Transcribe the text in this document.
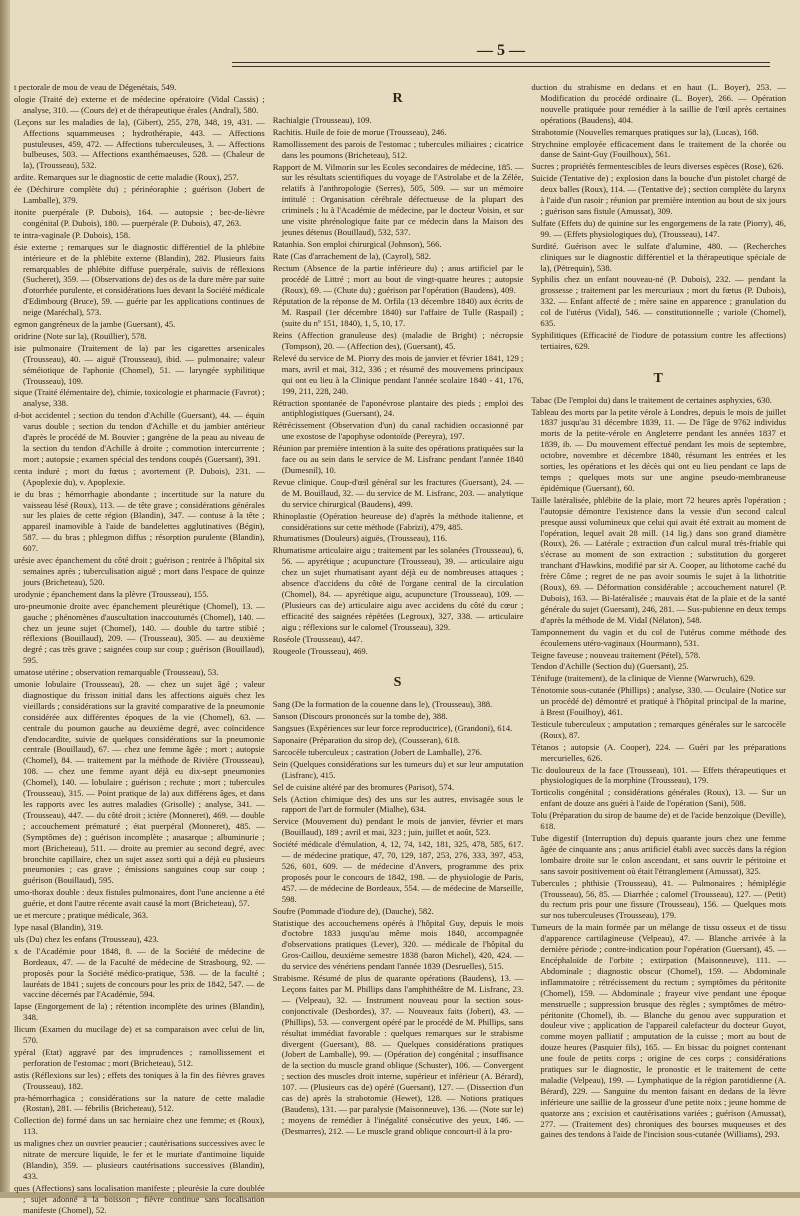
— 5 —

t pectorale de mou de veau de Dégenétais, 549.

ologie (Traité de) externe et de médecine opératoire (Vidal Cassis) ; analyse, 310. — (Cours de) et de thérapeutique érales (Andral), 580.

(Leçons sur les maladies de la), (Gibert), 255, 278, 348, 19, 431. — Affections squammeuses ; hydrothérapie, 443. — Affections pustuleuses, 459, 472. — Affections tuberculeuses, 3. — Affections bulbeuses, 503. — Affections exanthémaeuses, 528. — (Chaleur de la), (Trousseau), 532.

ardite. Remarques sur le diagnostic de cette maladie (Roux), 257.

ée (Déchirure complète du) ; périnéoraphie ; guérison (Jobert de Lamballe), 379.

itonite puerpérale (P. Dubois), 164. — autopsie ; bec-de-lièvre congénital (P. Dubois), 180. — puerpérale (P. Dubois), 47, 263.

te intra-vaginale (P. Dubois), 158.

ésie externe ; remarques sur le diagnostic différentiel de la phlébite intérieure et de la phlébite externe (Blandin), 282. Plusieurs faits remarquables de phlébite diffuse puerpérale, suivis de réflexions (Sucheret), 359. — (Observations de) des os de la dure mère par suite d'otorrhée purulente, et considérations lues devant la Société médicale d'Edimbourg (Bruce), 59. — guérie par les applications continues de neige (Maréchal), 573.

egmon gangréneux de la jambe (Guersant), 45.

oridrine (Note sur la), (Rouillier), 578.

isie pulmonaire (Traitement de la) par les cigarettes arsenicales (Trousseau), 40. — aiguë (Trousseau), ibid. — pulmonaire; valeur séméiotique de l'aphonie (Chomel), 51. — laryngée syphilitique (Trousseau), 109.

sique (Traité élémentaire de), chimie, toxicologie et pharmacie (Favrot) ; analyse, 338.

d-bot accidentel ; section du tendon d'Achille (Guersant), 44. — équin varus double ; section du tendon d'Achille et du jambier antérieur d'après le procédé de M. Bouvier ; gangrène de la peau au niveau de la section du tendon d'Achille à droite ; commotion intercurrente ; mort ; autopsie ; examen spécial des tendons coupés (Guersant), 391.

centa induré ; mort du fœtus ; avortement (P. Dubois), 231. — (Apoplexie du), v. Apoplexie.

ie du bras ; hémorrhagie abondante ; incertitude sur la nature du vaisseau lésé (Roux), 113. — de tête grave ; considérations générales sur les plaies de cette région (Blandin), 347. — contuse à la tête ; appareil inamovible à l'aide de bandelettes agglutinatives (Bégin), 587. — du bras ; phlegmon diffus ; résorption purulente (Blandin), 607.

urésie avec épanchement du côté droit ; guérison ; rentrée à l'hôpital six semaines après ; tuberculisation aiguë ; mort dans l'espace de quinze jours (Bricheteau), 520.

urodynie ; épanchement dans la plèvre (Trousseau), 155.

uro-pneumonie droite avec épanchement pleurétique (Chomel), 13. — gauche ; phénomènes d'auscultation inaccoutumés (Chomel), 140. — chez un jeune sujet (Chomel), 140. — double du tartre stibié ; réflexions (Bouillaud), 209. — (Trousseau), 305. — au deuxième degré ; cas très grave ; saignées coup sur coup ; guérison (Bouillaud), 595.

umatose utérine ; observation remarquable (Trousseau), 53.

umonie lobulaire (Trousseau), 28. — chez un sujet âgé ; valeur diagnostique du frisson initial dans les affections aiguës chez les vieillards ; considérations sur la gravité comparative de la pneumonie considérée aux différentes époques de la vie (Chomel), 63. — centrale du poumon gauche au deuxième degré, avec coïncidence d'endocardite, suivie de quelques considérations sur la pneumonie centrale (Bouillaud), 67. — chez une femme âgée ; mort ; autopsie (Chomel), 84. — traitement par la méthode de Rivière (Trousseau), 108. — chez une femme ayant déjà eu dix-sept pneumonies (Chomel), 140. — lobulaire ; guérison ; rechute ; mort ; tubercules (Trousseau), 315. — Point pratique de la) aux différens âges, et dans les rapports avec les autres maladies (Grisolle) ; analyse, 341. — (Trousseau), 447. — du côté droit ; ictère (Monneret), 469. — double ; accouchement prématuré ; état puerpéral (Monneret), 485. — (Symptômes de) ; guérison incomplète ; anasarque ; albuminurie ; mort (Bricheteau), 511. — droite au premier au second degré, avec bronchite capillaire, chez un sujet assez sorti qui a déjà eu plusieurs pneumonies ; cas grave ; émissions sanguines coup sur coup ; guérison (Bouillaud), 595.

umo-thorax double : deux fistules pulmonaires, dont l'une ancienne a été guérie, et dont l'autre récente avait causé la mort (Bricheteau), 57.

ue et mercure ; pratique médicale, 363.

lype nasal (Blandin), 319.

uls (Du) chez les enfans (Trousseau), 423.

x de l'Académie pour 1848, 8. — de la Société de médecine de Bordeaux, 47. — de la Faculté de médecine de Strasbourg, 92. — proposés pour la Société médico-pratique, 538. — de la faculté ; lauréats de 1841 ; sujets de concours pour les prix de 1842, 547. — de vaccine décernés par l'Académie, 594.

lapse (Engorgement de la) ; rétention incomplète des urines (Blandin), 348.

llicum (Examen du mucilage de) et sa comparaison avec celui de lin, 570.

ypéral (Etat) aggravé par des imprudences ; ramollissement et perforation de l'estomac ; mort (Bricheteau), 512.

astis (Réflexions sur les) ; effets des toniques à la fin des fièvres graves (Trousseau), 182.

pra-hémorrhagica ; considérations sur la nature de cette maladie (Rostan), 281. — fébrilis (Bricheteau), 512.

Collection de) formé dans un sac herniaire chez une femme; et (Roux), 113.

us malignes chez un ouvrier peaucier ; cautérisations successives avec le nitrate de mercure liquide, le fer et le muriate d'antimoine liquide (Blandin), 359. — plusieurs cautérisations successives (Blandin), 433.

ques (Affections) sans localisation manifeste ; pleurésie la cure doublée ; sujet adonné à la boisson ; fièvre continue sans localisation manifeste (Chomel), 52.

R

Rachialgie (Trousseau), 109.

Rachitis. Huile de foie de morue (Trousseau), 246.

Ramollissement des parois de l'estomac ; tubercules miliaires ; cicatrice dans les poumons (Bricheteau), 512.

Rapport de M. Vilmorin sur les Ecoles secondaires de médecine, 185. — sur les résultats scientifiques du voyage de l'Astrolabe et de la Zélée, relatifs à l'anthropologie (Serres), 505, 509. — sur un mémoire intitulé : Organisation cérébrale défectueuse de la plupart des criminels ; lu à l'Académie de médecine, par le docteur Voisin, et sur une visite phrénologique faite par ce médecin dans la Maison des jeunes détenus (Bouillaud), 532, 537.

Ratanhia. Son emploi chirurgical (Johnson), 566.

Rate (Cas d'arrachement de la), (Cayrol), 582.

Rectum (Absence de la partie inférieure du) ; anus artificiel par le procédé de Littré ; mort au bout de vingt-quatre heures ; autopsie (Roux), 69. — (Chute du) ; guérison par l'opération (Baudens), 409.

Réputation de la réponse de M. Orfila (13 décembre 1840) aux écrits de M. Raspail (1er décembre 1840) sur l'affaire de Tulle (Raspail) ; (suite du nº 151, 1840), 1, 5, 10, 17.

Reins (Affection granuleuse des) (maladie de Bright) ; nécropsie (Tompson), 20. — (Affection des), (Guersant), 45.

Relevé du service de M. Piorry des mois de janvier et février 1841, 129 ; mars, avril et mai, 312, 336 ; et résumé des mouvemens principaux qui ont eu lieu à la Clinique pendant l'année scolaire 1840 - 41, 176, 199, 211, 228, 240.

Rétraction spontanée de l'aponévrose plantaire des pieds ; emploi des antiphlogistiques (Guersant), 24.

Rétrécissement (Observation d'un) du canal rachidien occasionné par une exostose de l'apophyse odontoïde (Pereyra), 197.

Réunion par première intention à la suite des opérations pratiquées sur la face ou au sein dans le service de M. Lisfranc pendant l'année 1840 (Dumesnil), 10.

Revue clinique. Coup-d'œil général sur les fractures (Guersant), 24. — de M. Bouillaud, 32. — du service de M. Lisfranc, 203. — analytique du service chirurgical (Baudens), 499.

Rhinoplastie (Opération heureuse de) d'après la méthode italienne, et considérations sur cette méthode (Fabrizi), 479, 485.

Rhumatismes (Douleurs) aiguës, (Trousseau), 116.

Rhumatisme articulaire aigu ; traitement par les solanées (Trousseau), 6, 56. — apyrétique ; acupuncture (Trousseau), 39. — articulaire aigu chez un sujet rhumatisant ayant déjà eu de nombreuses attaques ; absence d'accidens du côté de l'organe central de la circulation (Chomel), 84. — apyrétique aigu, acupuncture (Trousseau), 109. — (Plusieurs cas de) articulaire aigu avec accidens du côté du cœur ; efficacité des saignées répétées (Legroux), 327, 338. — articulaire aigu ; réflexions sur le calomel (Trousseau), 329.

Roséole (Trousseau), 447.

Rougeole (Trousseau), 469.

S

Sang (De la formation de la couenne dans le), (Trousseau), 388.

Sanson (Discours prononcés sur la tombe de), 388.

Sangsues (Expériences sur leur force reproductrice), (Grandoni), 614.

Saponaire (Préparation du sirop de), (Cousseran), 618.

Sarcocèle tuberculeux ; castration (Jobert de Lamballe), 276.

Sein (Quelques considérations sur les tumeurs du) et sur leur amputation (Lisfranc), 415.

Sel de cuisine altéré par des bromures (Parisot), 574.

Sels (Action chimique des) des uns sur les autres, envisagée sous le rapport de l'art de formuler (Mialhe), 634.

Service (Mouvement du) pendant le mois de janvier, février et mars (Bouillaud), 189 ; avril et mai, 323 ; juin, juillet et août, 523.

Société médicale d'émulation, 4, 12, 74, 142, 181, 325, 478, 585, 617. — de médecine pratique, 47, 70, 129, 187, 253, 276, 333, 397, 453, 526, 601, 609. — de médecine d'Anvers, programme des prix proposés pour le concours de 1842, 198. — de physiologie de Paris, 457. — de médecine de Bordeaux, 554. — de médecine de Marseille, 598.

Soufre (Pommade d'iodure de), (Dauche), 582.

Statistique des accouchemens opérés à l'hôpital Guy, depuis le mois d'octobre 1833 jusqu'au même mois 1840, accompagnée d'observations pratiques (Lever), 320. — médicale de l'hôpital du Gros-Caillou, deuxième semestre 1838 (baron Michel), 420, 424. — du service des vénériens pendant l'année 1839 (Desruelles), 515.

Strabisme. Résumé de plus de quarante opérations (Baudens), 13. — Leçons faites par M. Phillips dans l'amphithéâtre de M. Lisfranc, 23. — (Velpeau), 32. — Instrument nouveau pour la section sous-conjonctivale (Desbordes), 37. — Nouveaux faits (Jobert), 43. — (Phillips), 53. — convergent opéré par le procédé de M. Phillips, sans résultat immédiat favorable : quelques remarques sur le strabisme divergent (Guersant), 88. — Quelques considérations pratiques (Jobert de Lamballe), 99. — (Opération de) congénital ; insuffisance de la section du muscle grand oblique (Schuster), 106. — Convergent ; section des muscles droit interne, supérieur et inférieur (A. Bérard), 107. — (Plusieurs cas de) opéré (Guersant), 127. — (Dissection d'un cas de) après la strabotomie (Hewet), 128. — Notions pratiques (Baudens), 131. — par paralysie (Maisonneuve), 136. — (Note sur le) ; moyens de remédier à l'inégalité consécutive des yeux, 146. — (Desmarres), 212. — Le muscle grand oblique concourt-il à la pro-

duction du strabisme en dedans et en haut (L. Boyer), 253. — Modification du procédé ordinaire (L. Boyer), 266. — Opération nouvelle pratiquée pour remédier à la saillie de l'œil après certaines opérations (Baudens), 404.

Strabotomie (Nouvelles remarques pratiques sur la), (Lucas), 168.

Strychnine employée efficacement dans le traitement de la chorée ou danse de Saint-Guy (Fouilhoux), 561.

Sucres ; propriétés fermentescibles de leurs diverses espèces (Rose), 626.

Suicide (Tentative de) ; explosion dans la bouche d'un pistolet chargé de deux balles (Roux), 114. — (Tentative de) ; section complète du larynx à l'aide d'un rasoir ; réunion par première intention au bout de six jours ; guérison sans fistule (Amussat), 309.

Sulfate (Effets du) de quinine sur les engorgemens de la rate (Piorry), 46, 99. — (Effets physiologiques du), (Trousseau), 147.

Surdité. Guérison avec le sulfate d'alumine, 480. — (Recherches cliniques sur le diagnostic différentiel et la thérapeutique spéciale de la), (Pétrequin), 538.

Syphilis chez un enfant nouveau-né (P. Dubois), 232. — pendant la grossesse ; traitement par les mercuriaux ; mort du fœtus (P. Dubois), 332. — Enfant affecté de ; mère saine en apparence ; granulation du col de l'utérus (Vidal), 546. — constitutionnelle ; variole (Chomel), 635.

Syphilitiques (Efficacité de l'iodure de potassium contre les affections) tertiaires, 629.

T

Tabac (De l'emploi du) dans le traitement de certaines asphyxies, 630.

Tableau des morts par la petite vérole à Londres, depuis le mois de juillet 1837 jusqu'au 31 décembre 1839, 11. — De l'âge de 9762 individus morts de la petite-vérole en Angleterre pendant les années 1837 et 1839, ib. — Du mouvement effectué pendant les mois de septembre, octobre, novembre et décembre 1840, résumant les entrées et les sorties, les opérations et les décès qui ont eu lieu pendant ce laps de temps ; quelques mots sur une angine pseudo-membraneuse épidémique (Guersant), 60.

Taille latéralisée, phlébite de la plaie, mort 72 heures après l'opération ; l'autopsie démontre l'existence dans la vessie d'un second calcul presque aussi volumineux que celui qui avait été extrait au moment de l'opération, lequel avait 28 mill. (14 lig.) dans son grand diamètre (Roux), 26. — Latérale ; extraction d'un calcul mural très-friable qui s'écrase au moment de son extraction ; substitution du gorgeret tranchant d'Hawkins, modifié par sir A. Cooper, au lithotome caché du frère Côme ; regret de ne pas avoir soumis le sujet à la lithotritie (Roux), 69. — Déformation considérable ; accouchement naturel (P. Dubois), 163. — Bi-latéralisée ; mauvais état de la plaie et de la santé générale du sujet (Guersant), 246, 281. — Sus-pubienne en deux temps d'après la méthode de M. Vidal (Nélaton), 548.

Tamponnement du vagin et du col de l'utérus comme méthode des écoulemens utéro-vaginaux (Hourmann), 531.

Teigne faveuse ; nouveau traitement (Pétel), 578.

Tendon d'Achille (Section du) (Guersant), 25.

Ténifuge (traitement), de la clinique de Vienne (Warwruch), 629.

Ténotomie sous-cutanée (Phillips) ; analyse, 330. — Oculaire (Notice sur un procédé de) démontré et pratiqué à l'hôpital principal de la marine, à Brest (Fouilhoy), 461.

Testicule tuberculeux ; amputation ; remarques générales sur le sarcocèle (Roux), 87.

Tétanos ; autopsie (A. Cooper), 224. — Guéri par les préparations mercurielles, 626.

Tic douloureux de la face (Trousseau), 101. — Effets thérapeutiques et physiologiques de la morphine (Trousseau), 179.

Torticolis congénital ; considérations générales (Roux), 13. — Sur un enfant de douze ans guéri à l'aide de l'opération (Sani), 508.

Tolu (Préparation du sirop de baume de) et de l'acide benzoïque (Deville), 618.

Tube digestif (Interruption du) depuis quarante jours chez une femme âgée de cinquante ans ; anus artificiel établi avec succès dans la région lombaire droite sur le colon ascendant, et sans ouvrir le péritoine et sans savoir positivement où était l'étranglement (Amussat), 325.

Tubercules ; phthisie (Trousseau), 41. — Pulmonaires ; hémiplégie (Trousseau), 56, 85. — Diarrhée ; calomel (Trousseau), 127. — (Petit) du rectum pris pour une fissure (Trousseau), 156. — Quelques mots sur nos tuberculeuses (Trousseau), 179.

Tumeurs de la main formée par un mélange de tissu osseux et de tissu d'apparence cartilagineuse (Velpeau), 47. — Blanche arrivée à la dernière période ; contre-indication pour l'opération (Guersant), 45. — Encéphaloïde de l'orbite ; extirpation (Maisonneuve), 111. — Abdominale ; diagnostic obscur (Chomel), 159. — Abdominale inflammatoire ; rétrécissement du rectum ; symptômes du péritonite (Chomel), 159. — Abdominale ; frayeur vive pendant une époque menstruelle ; suppression brusque des règles ; symptômes de métro-péritonite (Chomel), ib. — Blanche du genou avec suppuration et douleur vive ; application de l'appareil calefacteur du docteur Guyot, comme moyen palliatif ; amputation de la cuisse ; mort au bout de douze heures (Pasquier fils), 165. — En bissac du poignet contenant une foule de petits corps ; origine de ces corps ; considérations pratiques sur le diagnostic, le pronostic et le traitement de cette maladie (Velpeau), 199. — Lymphatique de la région parotidienne (A. Bérard), 229. — Sanguine du menton faisant en dedans de la lèvre inférieure une saillie de la grosseur d'une petite noix ; jeune homme de quatorze ans ; excision et cautérisations variées ; guérison (Amussat), 277. — (Traitement des) chroniques des bourses muqueuses et des gaines des tendons à l'aide de l'incision sous-cutanée (Williams), 293.
